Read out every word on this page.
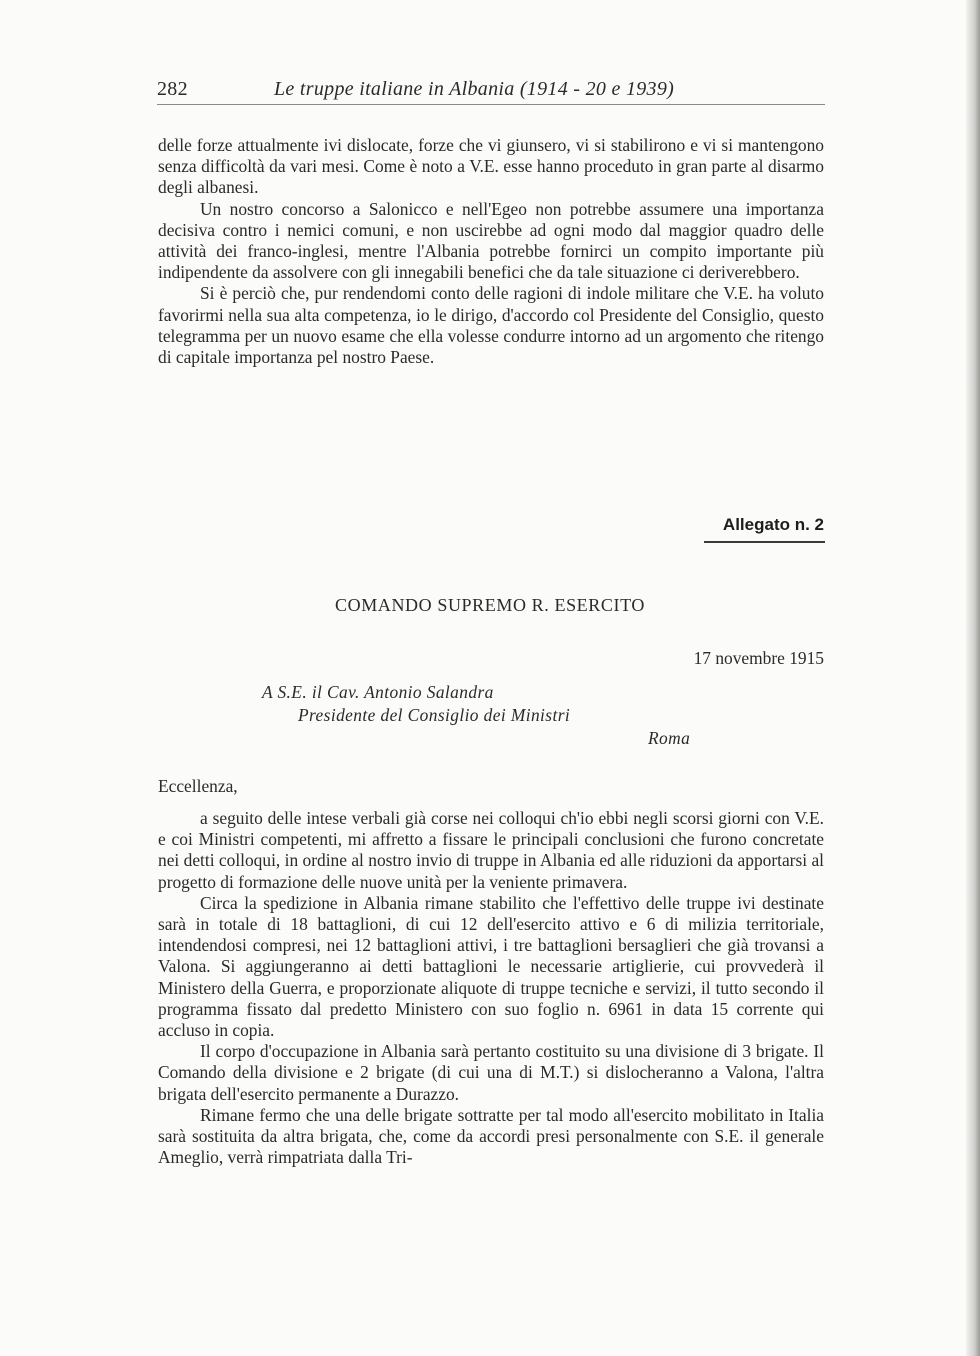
282	Le truppe italiane in Albania (1914 - 20 e 1939)

delle forze attualmente ivi dislocate, forze che vi giunsero, vi si stabilirono e vi si mantengono senza difficoltà da vari mesi. Come è noto a V.E. esse hanno proceduto in gran parte al disarmo degli albanesi.

Un nostro concorso a Salonicco e nell'Egeo non potrebbe assumere una importanza decisiva contro i nemici comuni, e non uscirebbe ad ogni modo dal maggior quadro delle attività dei franco-inglesi, mentre l'Albania potrebbe fornirci un compito importante più indipendente da assolvere con gli innegabili benefici che da tale situazione ci deriverebbero.

Si è perciò che, pur rendendomi conto delle ragioni di indole militare che V.E. ha voluto favorirmi nella sua alta competenza, io le dirigo, d'accordo col Presidente del Consiglio, questo telegramma per un nuovo esame che ella volesse condurre intorno ad un argomento che ritengo di capitale importanza pel nostro Paese.

Allegato n. 2
COMANDO SUPREMO R. ESERCITO
17 novembre 1915
A S.E. il Cav. Antonio Salandra
Presidente del Consiglio dei Ministri
Roma
Eccellenza,

a seguito delle intese verbali già corse nei colloqui ch'io ebbi negli scorsi giorni con V.E. e coi Ministri competenti, mi affretto a fissare le principali conclusioni che furono concretate nei detti colloqui, in ordine al nostro invio di truppe in Albania ed alle riduzioni da apportarsi al progetto di formazione delle nuove unità per la veniente primavera.

Circa la spedizione in Albania rimane stabilito che l'effettivo delle truppe ivi destinate sarà in totale di 18 battaglioni, di cui 12 dell'esercito attivo e 6 di milizia territoriale, intendendosi compresi, nei 12 battaglioni attivi, i tre battaglioni bersaglieri che già trovansi a Valona. Si aggiungeranno ai detti battaglioni le necessarie artiglierie, cui provvederà il Ministero della Guerra, e proporzionate aliquote di truppe tecniche e servizi, il tutto secondo il programma fissato dal predetto Ministero con suo foglio n. 6961 in data 15 corrente qui accluso in copia.

Il corpo d'occupazione in Albania sarà pertanto costituito su una divisione di 3 brigate. Il Comando della divisione e 2 brigate (di cui una di M.T.) si dislocheranno a Valona, l'altra brigata dell'esercito permanente a Durazzo.

Rimane fermo che una delle brigate sottratte per tal modo all'esercito mobilitato in Italia sarà sostituita da altra brigata, che, come da accordi presi personalmente con S.E. il generale Ameglio, verrà rimpatriata dalla Tri-
